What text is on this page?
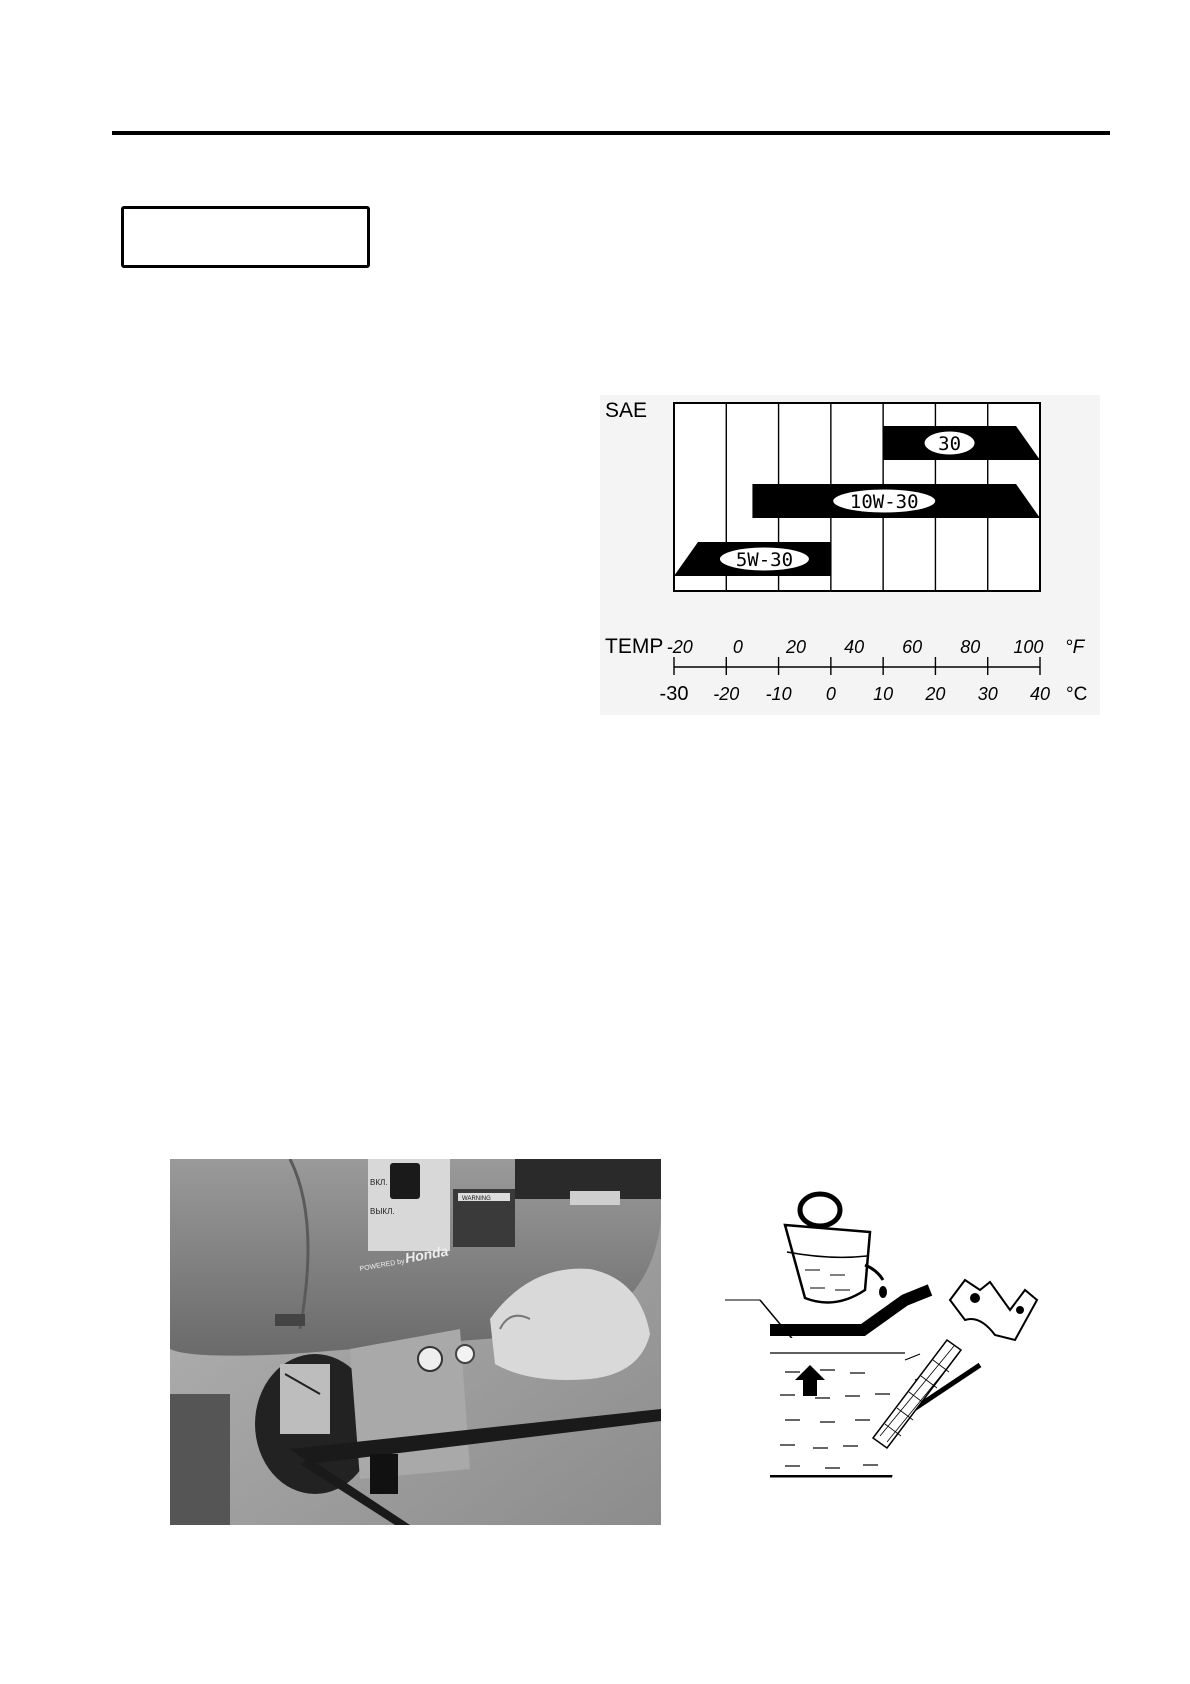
SAE
30
10W-30
5W-30
TEMP -20 0 20 40 60 80 100 °F
-30 -20 -10 0 10 20 30 40 °C
ВКЛ.
ВЫКЛ.
WARNING
POWERED by
Honda
